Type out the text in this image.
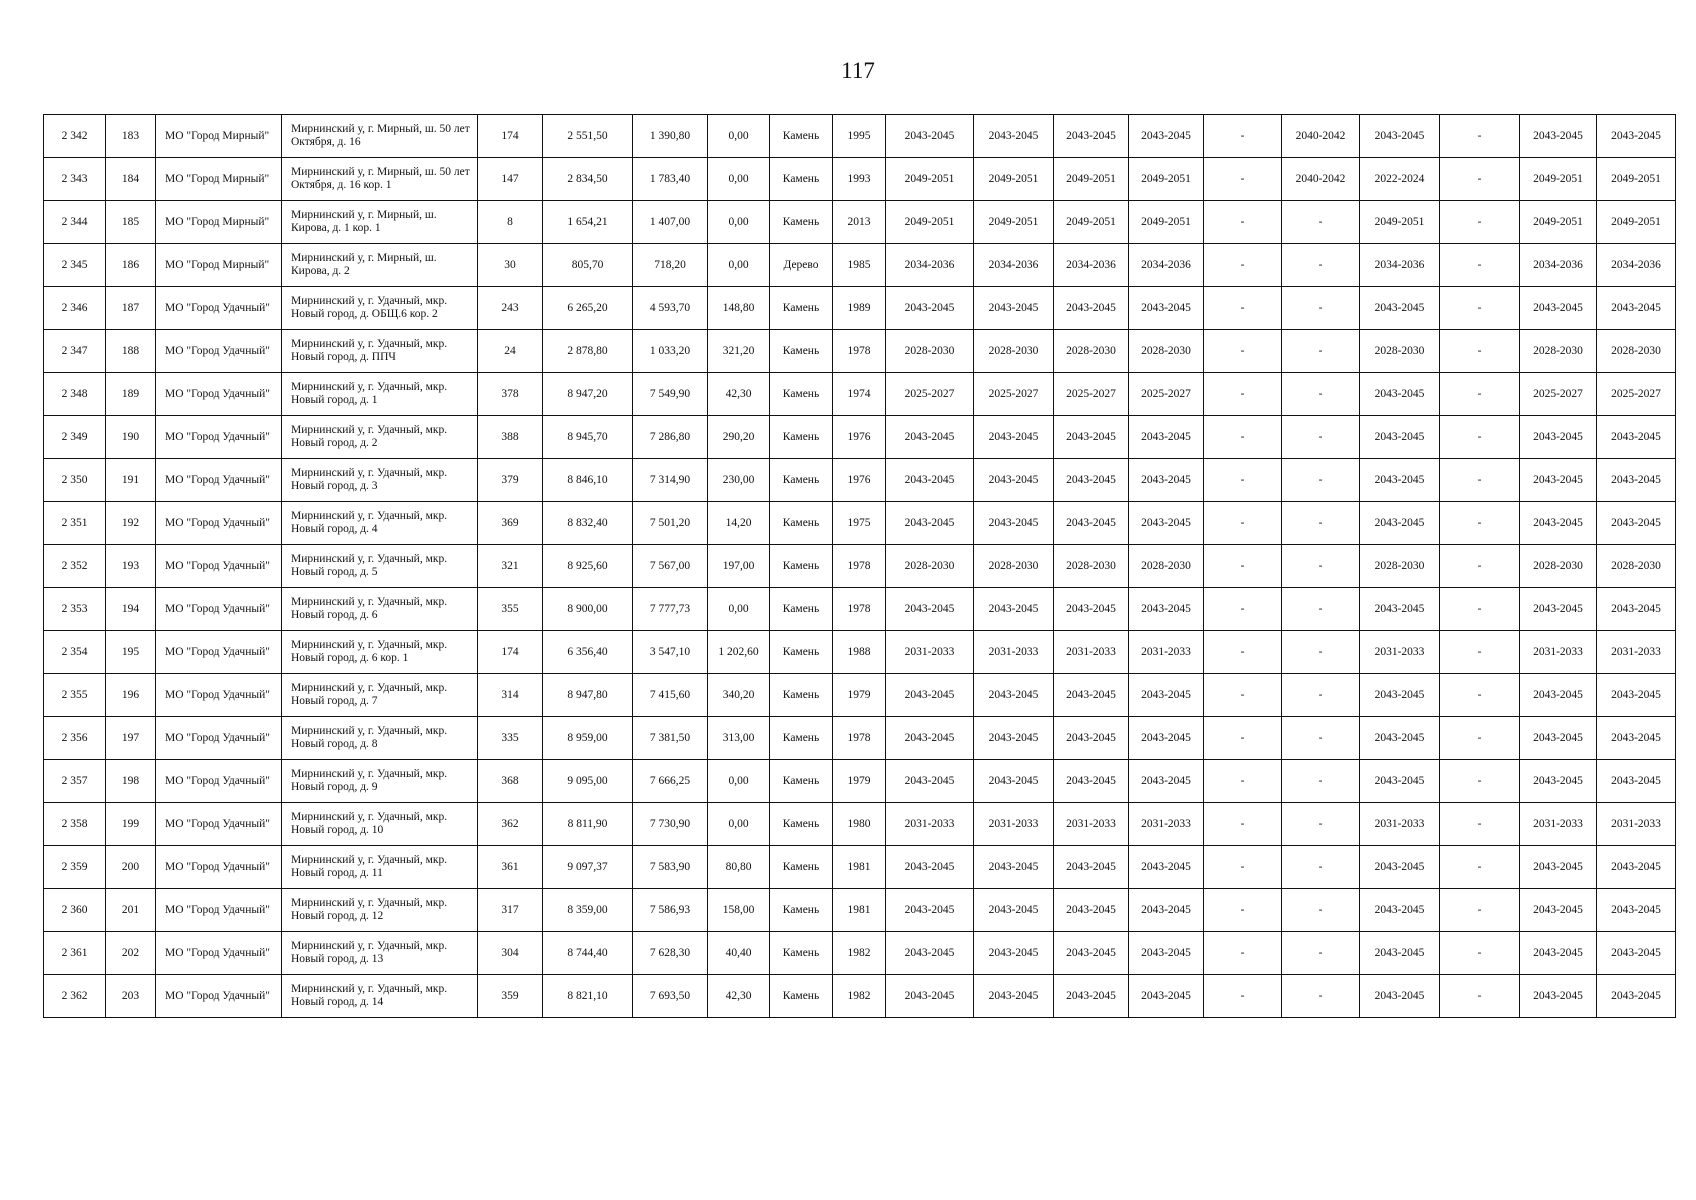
117
2 342	183	МО "Город Мирный"	Мирнинский у, г. Мирный, ш. 50 лет Октября, д. 16	174	2 551,50	1 390,80	0,00	Камень	1995	2043-2045	2043-2045	2043-2045	2043-2045	-	2040-2042	2043-2045	-	2043-2045	2043-2045
2 343	184	МО "Город Мирный"	Мирнинский у, г. Мирный, ш. 50 лет Октября, д. 16 кор. 1	147	2 834,50	1 783,40	0,00	Камень	1993	2049-2051	2049-2051	2049-2051	2049-2051	-	2040-2042	2022-2024	-	2049-2051	2049-2051
2 344	185	МО "Город Мирный"	Мирнинский у, г. Мирный, ш. Кирова, д. 1 кор. 1	8	1 654,21	1 407,00	0,00	Камень	2013	2049-2051	2049-2051	2049-2051	2049-2051	-	-	2049-2051	-	2049-2051	2049-2051
2 345	186	МО "Город Мирный"	Мирнинский у, г. Мирный, ш. Кирова, д. 2	30	805,70	718,20	0,00	Дерево	1985	2034-2036	2034-2036	2034-2036	2034-2036	-	-	2034-2036	-	2034-2036	2034-2036
2 346	187	МО "Город Удачный"	Мирнинский у, г. Удачный, мкр. Новый город, д. ОБЩ.6 кор. 2	243	6 265,20	4 593,70	148,80	Камень	1989	2043-2045	2043-2045	2043-2045	2043-2045	-	-	2043-2045	-	2043-2045	2043-2045
2 347	188	МО "Город Удачный"	Мирнинский у, г. Удачный, мкр. Новый город, д. ППЧ	24	2 878,80	1 033,20	321,20	Камень	1978	2028-2030	2028-2030	2028-2030	2028-2030	-	-	2028-2030	-	2028-2030	2028-2030
2 348	189	МО "Город Удачный"	Мирнинский у, г. Удачный, мкр. Новый город, д. 1	378	8 947,20	7 549,90	42,30	Камень	1974	2025-2027	2025-2027	2025-2027	2025-2027	-	-	2043-2045	-	2025-2027	2025-2027
2 349	190	МО "Город Удачный"	Мирнинский у, г. Удачный, мкр. Новый город, д. 2	388	8 945,70	7 286,80	290,20	Камень	1976	2043-2045	2043-2045	2043-2045	2043-2045	-	-	2043-2045	-	2043-2045	2043-2045
2 350	191	МО "Город Удачный"	Мирнинский у, г. Удачный, мкр. Новый город, д. 3	379	8 846,10	7 314,90	230,00	Камень	1976	2043-2045	2043-2045	2043-2045	2043-2045	-	-	2043-2045	-	2043-2045	2043-2045
2 351	192	МО "Город Удачный"	Мирнинский у, г. Удачный, мкр. Новый город, д. 4	369	8 832,40	7 501,20	14,20	Камень	1975	2043-2045	2043-2045	2043-2045	2043-2045	-	-	2043-2045	-	2043-2045	2043-2045
2 352	193	МО "Город Удачный"	Мирнинский у, г. Удачный, мкр. Новый город, д. 5	321	8 925,60	7 567,00	197,00	Камень	1978	2028-2030	2028-2030	2028-2030	2028-2030	-	-	2028-2030	-	2028-2030	2028-2030
2 353	194	МО "Город Удачный"	Мирнинский у, г. Удачный, мкр. Новый город, д. 6	355	8 900,00	7 777,73	0,00	Камень	1978	2043-2045	2043-2045	2043-2045	2043-2045	-	-	2043-2045	-	2043-2045	2043-2045
2 354	195	МО "Город Удачный"	Мирнинский у, г. Удачный, мкр. Новый город, д. 6 кор. 1	174	6 356,40	3 547,10	1 202,60	Камень	1988	2031-2033	2031-2033	2031-2033	2031-2033	-	-	2031-2033	-	2031-2033	2031-2033
2 355	196	МО "Город Удачный"	Мирнинский у, г. Удачный, мкр. Новый город, д. 7	314	8 947,80	7 415,60	340,20	Камень	1979	2043-2045	2043-2045	2043-2045	2043-2045	-	-	2043-2045	-	2043-2045	2043-2045
2 356	197	МО "Город Удачный"	Мирнинский у, г. Удачный, мкр. Новый город, д. 8	335	8 959,00	7 381,50	313,00	Камень	1978	2043-2045	2043-2045	2043-2045	2043-2045	-	-	2043-2045	-	2043-2045	2043-2045
2 357	198	МО "Город Удачный"	Мирнинский у, г. Удачный, мкр. Новый город, д. 9	368	9 095,00	7 666,25	0,00	Камень	1979	2043-2045	2043-2045	2043-2045	2043-2045	-	-	2043-2045	-	2043-2045	2043-2045
2 358	199	МО "Город Удачный"	Мирнинский у, г. Удачный, мкр. Новый город, д. 10	362	8 811,90	7 730,90	0,00	Камень	1980	2031-2033	2031-2033	2031-2033	2031-2033	-	-	2031-2033	-	2031-2033	2031-2033
2 359	200	МО "Город Удачный"	Мирнинский у, г. Удачный, мкр. Новый город, д. 11	361	9 097,37	7 583,90	80,80	Камень	1981	2043-2045	2043-2045	2043-2045	2043-2045	-	-	2043-2045	-	2043-2045	2043-2045
2 360	201	МО "Город Удачный"	Мирнинский у, г. Удачный, мкр. Новый город, д. 12	317	8 359,00	7 586,93	158,00	Камень	1981	2043-2045	2043-2045	2043-2045	2043-2045	-	-	2043-2045	-	2043-2045	2043-2045
2 361	202	МО "Город Удачный"	Мирнинский у, г. Удачный, мкр. Новый город, д. 13	304	8 744,40	7 628,30	40,40	Камень	1982	2043-2045	2043-2045	2043-2045	2043-2045	-	-	2043-2045	-	2043-2045	2043-2045
2 362	203	МО "Город Удачный"	Мирнинский у, г. Удачный, мкр. Новый город, д. 14	359	8 821,10	7 693,50	42,30	Камень	1982	2043-2045	2043-2045	2043-2045	2043-2045	-	-	2043-2045	-	2043-2045	2043-2045
